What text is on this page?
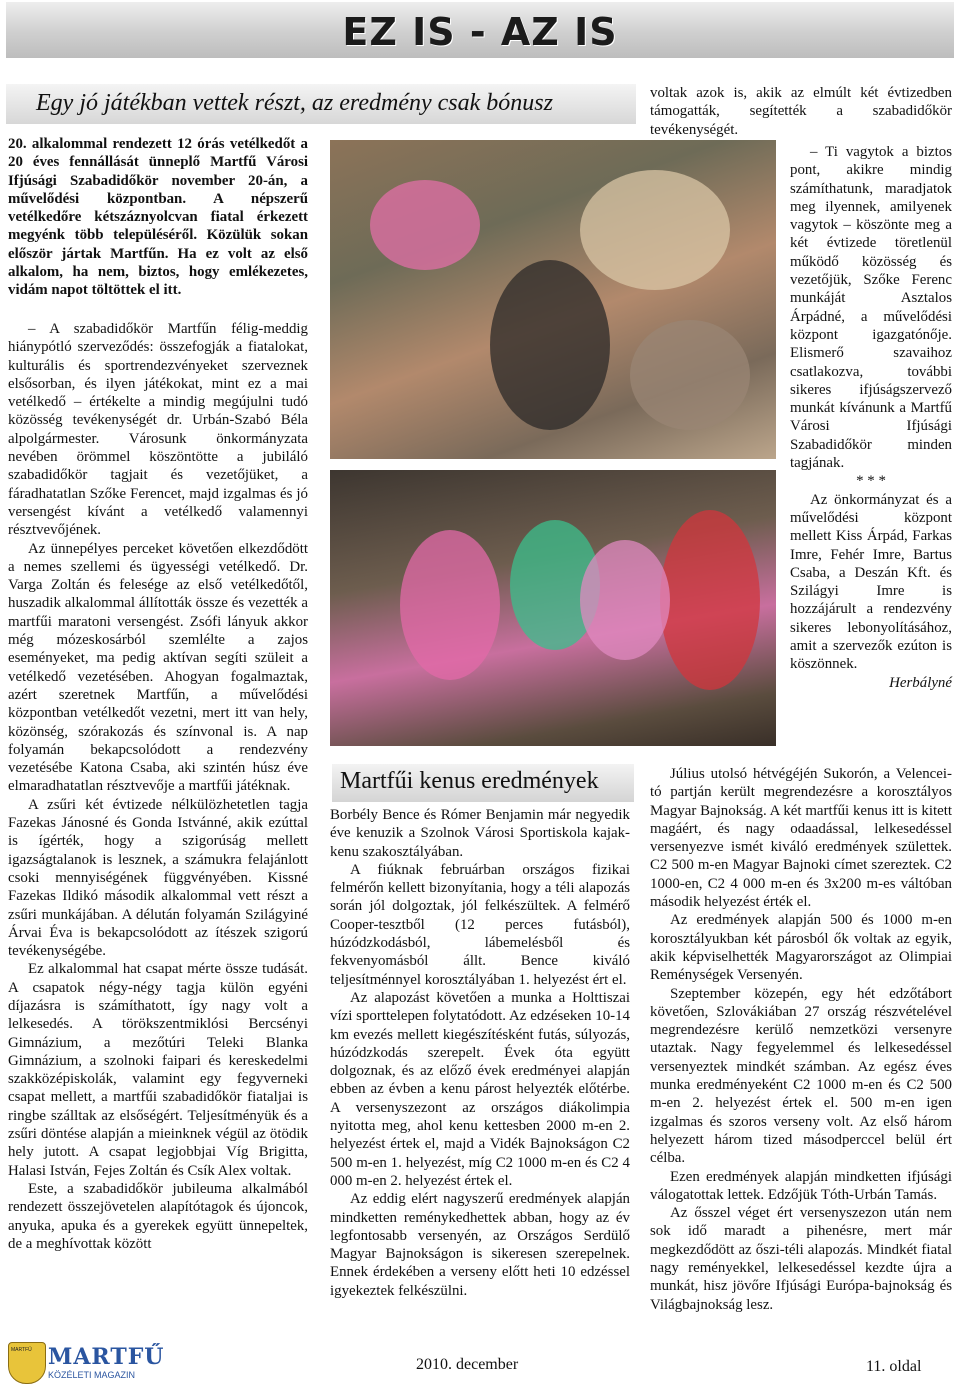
EZ IS - AZ IS
Egy jó játékban vettek részt, az eredmény csak bónusz

20. alkalommal rendezett 12 órás vetélkedőt a 20 éves fennállását ünneplő Martfű Városi Ifjúsági Szabadidőkör november 20-án, a művelődési központban. A népszerű vetélkedőre kétszáznyolcvan fiatal érkezett megyénk több településéről. Közülük sokan először jártak Martfűn. Ha ez volt az első alkalom, ha nem, biztos, hogy emlékezetes, vidám napot töltöttek el itt.

– A szabadidőkör Martfűn félig-meddig hiánypótló szerveződés: összefogják a fiatalokat, kulturális és sportrendezvényeket szerveznek elsősorban, és ilyen játékokat, mint ez a mai vetélkedő – értékelte a mindig megújulni tudó közösség tevékenységét dr. Urbán-Szabó Béla alpolgármester. Városunk önkormányzata nevében örömmel köszöntötte a jubiláló szabadidőkör tagjait és vezetőjüket, a fáradhatatlan Szőke Ferencet, majd izgalmas és jó versengést kívánt a vetélkedő valamennyi résztvevőjének.

Az ünnepélyes perceket követően elkezdődött a nemes szellemi és ügyességi vetélkedő. Dr. Varga Zoltán és felesége az első vetélkedőtől, huszadik alkalommal állították össze és vezették a martfűi maratoni versengést. Zsófi lányuk akkor még mózeskosárból szemlélte a zajos eseményeket, ma pedig aktívan segíti szüleit a vetélkedő vezetésében. Ahogyan fogalmaztak, azért szeretnek Martfűn, a művelődési központban vetélkedőt vezetni, mert itt van hely, közönség, szórakozás és színvonal is. A nap folyamán bekapcsolódott a rendezvény vezetésébe Katona Csaba, aki szintén húsz éve elmaradhatatlan résztvevője a martfűi játéknak.

A zsűri két évtizede nélkülözhetetlen tagja Fazekas Jánosné és Gonda Istvánné, akik ezúttal is ígérték, hogy a szigorúság mellett igazságtalanok is lesznek, a számukra felajánlott csoki mennyiségének függvényében. Kissné Fazekas Ildikó második alkalommal vett részt a zsűri munkájában. A délután folyamán Szilágyiné Árvai Éva is bekapcsolódott az ítészek szigorú tevékenységébe.

Ez alkalommal hat csapat mérte össze tudását. A csapatok négy-négy tagja külön egyéni díjazásra is számíthatott, így nagy volt a lelkesedés. A törökszentmiklósi Bercsényi Gimnázium, a mezőtúri Teleki Blanka Gimnázium, a szolnoki faipari és kereskedelmi szakközépiskolák, valamint egy fegyverneki csapat mellett, a martfűi szabadidőkör fiataljai is ringbe szálltak az elsőségért. Teljesítményük és a zsűri döntése alapján a mieinknek végül az ötödik hely jutott. A csapat legjobbjai Víg Brigitta, Halasi István, Fejes Zoltán és Csík Alex voltak.

Este, a szabadidőkör jubileuma alkalmából rendezett összejövetelen alapítótagok és újoncok, anyuka, apuka és a gyerekek együtt ünnepeltek, de a meghívottak között

voltak azok is, akik az elmúlt két évtizedben támogatták, segítették a szabadidőkör tevékenységét.

– Ti vagytok a biztos pont, akikre mindig számíthatunk, maradjatok meg ilyennek, amilyenek vagytok – köszönte meg a két évtizede töretlenül működő közösség és vezetőjük, Szőke Ferenc munkáját Asztalos Árpádné, a művelődési központ igazgatónője. Elismerő szavaihoz csatlakozva, további sikeres ifjúságszervező munkát kívánunk a Martfű Városi Ifjúsági Szabadidőkör minden tagjának.

* * *

Az önkormányzat és a művelődési központ mellett Kiss Árpád, Farkas Imre, Fehér Imre, Bartus Csaba, a Deszán Kft. és Szilágyi Imre is hozzájárult a rendezvény sikeres lebonyolításához, amit a szervezők ezúton is köszönnek.

Herbályné
Martfűi kenus eredmények

Borbély Bence és Rómer Benjamin már negyedik éve kenuzik a Szolnok Városi Sportiskola kajak-kenu szakosztályában.

A fiúknak februárban országos fizikai felmérőn kellett bizonyítania, hogy a téli alapozás során jól dolgoztak, jól felkészültek. A felmérő Cooper-tesztből (12 perces futásból), húzódzkodásból, lábemelésből és fekvenyomásból állt. Bence kiváló teljesítménnyel korosztályában 1. helyezést ért el.

Az alapozást követően a munka a Holttiszai vízi sporttelepen folytatódott. Az edzéseken 10-14 km evezés mellett kiegészítésként futás, súlyozás, húzódzkodás szerepelt. Évek óta együtt dolgoznak, és az előző évek eredményei alapján ebben az évben a kenu párost helyezték előtérbe. A versenyszezont az országos diákolimpia nyitotta meg, ahol kenu kettesben 2000 m-en 2. helyezést értek el, majd a Vidék Bajnokságon C2 500 m-en 1. helyezést, míg C2 1000 m-en és C2 4 000 m-en 2. helyezést értek el.

Az eddig elért nagyszerű eredmények alapján mindketten reménykedhettek abban, hogy az év legfontosabb versenyén, az Országos Serdülő Magyar Bajnokságon is sikeresen szerepelnek. Ennek érdekében a verseny előtt heti 10 edzéssel igyekeztek felkészülni.

Július utolsó hétvégéjén Sukorón, a Velencei-tó partján került megrendezésre a korosztályos Magyar Bajnokság. A két martfűi kenus itt is kitett magáért, és nagy odaadással, lelkesedéssel versenyezve ismét kiváló eredmények születtek. C2 500 m-en Magyar Bajnoki címet szereztek. C2 1000-en, C2 4 000 m-en és 3x200 m-es váltóban második helyezést érték el.

Az eredmények alapján 500 és 1000 m-en korosztályukban két párosból ők voltak az egyik, akik képviselhették Magyarországot az Olimpiai Reménységek Versenyén.

Szeptember közepén, egy hét edzőtábort követően, Szlovákiában 27 ország részvételével megrendezésre kerülő nemzetközi versenyre utaztak. Nagy fegyelemmel és lelkesedéssel versenyeztek mindkét számban. Az egész éves munka eredményeként C2 1000 m-en és C2 500 m-en 2. helyezést értek el. 500 m-en igen izgalmas és szoros verseny volt. Az első három helyezett három tized másodperccel belül ért célba.

Ezen eredmények alapján mindketten ifjúsági válogatottak lettek. Edzőjük Tóth-Urbán Tamás.

Az ősszel véget ért versenyszezon után nem sok idő maradt a pihenésre, mert már megkezdődött az őszi-téli alapozás. Mindkét fiatal nagy reményekkel, lelkesedéssel kezdte újra a munkát, hisz jövőre Ifjúsági Európa-bajnokság és Világbajnokság lesz.

MARTFŰ MARTFŰ
KÖZÉLETI MAGAZIN
2010. december	11. oldal
